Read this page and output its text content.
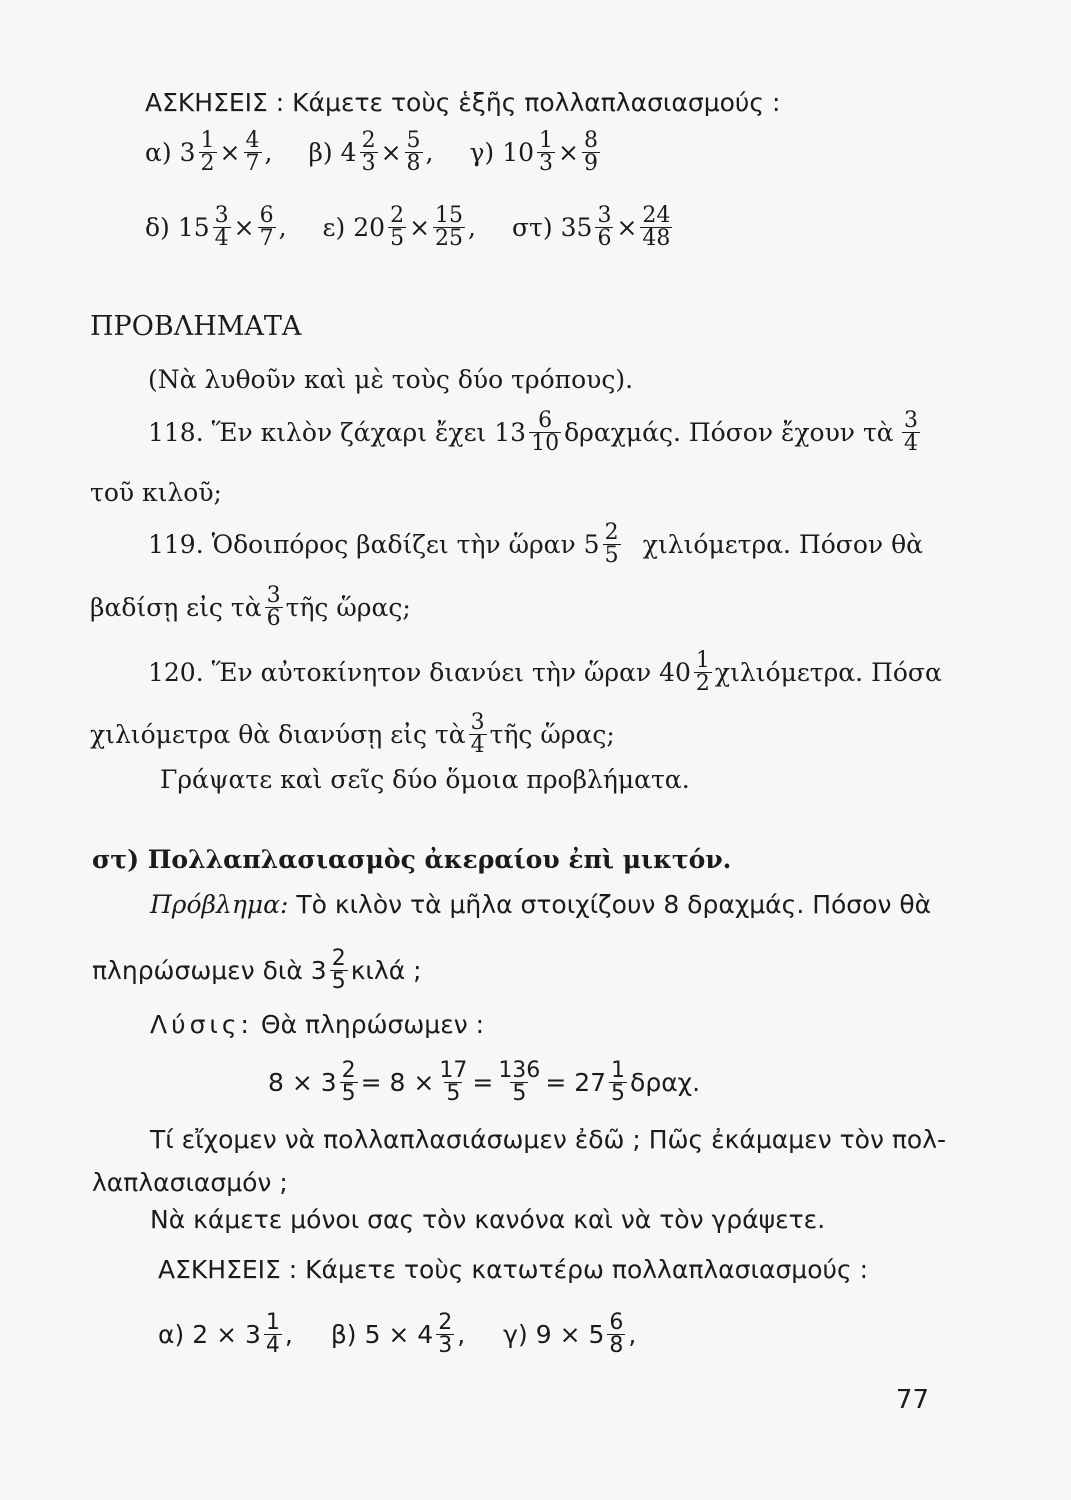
ΑΣΚΗΣΕΙΣ : Κάμετε τοὺς ἑξῆς πολλαπλασιασμούς :
α) $3 \frac{1}{2} \times \frac{4}{7}$ , β) $4 \frac{2}{3} \times \frac{5}{8}$ , γ) $10 \frac{1}{3} \times \frac{8}{9}$
δ) $15 \frac{3}{4} \times \frac{6}{7}$ , ε) $20 \frac{2}{5} \times \frac{15}{25}$ , στ) $35 \frac{3}{6} \times \frac{24}{48}$
ΠΡΟΒΛΗΜΑΤΑ
(Νὰ λυθοῦν καὶ μὲ τοὺς δύο τρόπους).
118. Ἕν κιλὸν ζάχαρι ἔχει $13 \frac{6}{10} \delta\rho\alpha\chi\mu ά\varsigma$. Πόσον ἔχουν τὰ $\frac{3}{4}$
τοῦ κιλοῦ;
119. Ὁδοιπόρος βαδίζει τὴν ὥραν $5 \frac{2}{5} \chi\iota\lambda\iota ό\mu\varepsilon\tau\rho\alpha$. Πόσον θὰ
βαδίσῃ εἰς τὰ $\frac{3}{6}$ τῆς ὥρας;
120. Ἕν αὐτοκίνητον διανύει τὴν ὥραν $40 \frac{1}{2} \chi\iota\lambda\iota ό\mu\varepsilon\tau\rho\alpha$. Πόσα
χιλιόμετρα θὰ διανύσῃ εἰς τὰ $\frac{3}{4}$ τῆς ὥρας;
Γράψατε καὶ σεῖς δύο ὅμοια προβλήματα.
στ) Πολλαπλασιασμὸς ἀκεραίου ἐπὶ μικτόν.
Πρόβλημα: Τὸ κιλὸν τὰ μῆλα στοιχίζουν 8 δραχμάς. Πόσον θὰ
πληρώσωμεν διὰ $3 \frac{2}{5}$ κιλά ;
Λύσις: Θὰ πληρώσωμεν :
$8 \times 3 \frac{2}{5} = 8 \times \frac{17}{5} = \frac{136}{5} = 27 \frac{1}{5} \delta\rho\alpha\chi$.
Τί εἴχομεν νὰ πολλαπλασιάσωμεν ἐδῶ ; Πῶς ἐκάμαμεν τὸν πολ-
λαπλασιασμόν ;
Νὰ κάμετε μόνοι σας τὸν κανόνα καὶ νὰ τὸν γράψετε.
ΑΣΚΗΣΕΙΣ : Κάμετε τοὺς κατωτέρω πολλαπλασιασμούς :
α) $2 \times 3 \frac{1}{4}$ , β) $5 \times 4 \frac{2}{3}$ , γ) $9 \times 5 \frac{6}{8}$ ,
77
